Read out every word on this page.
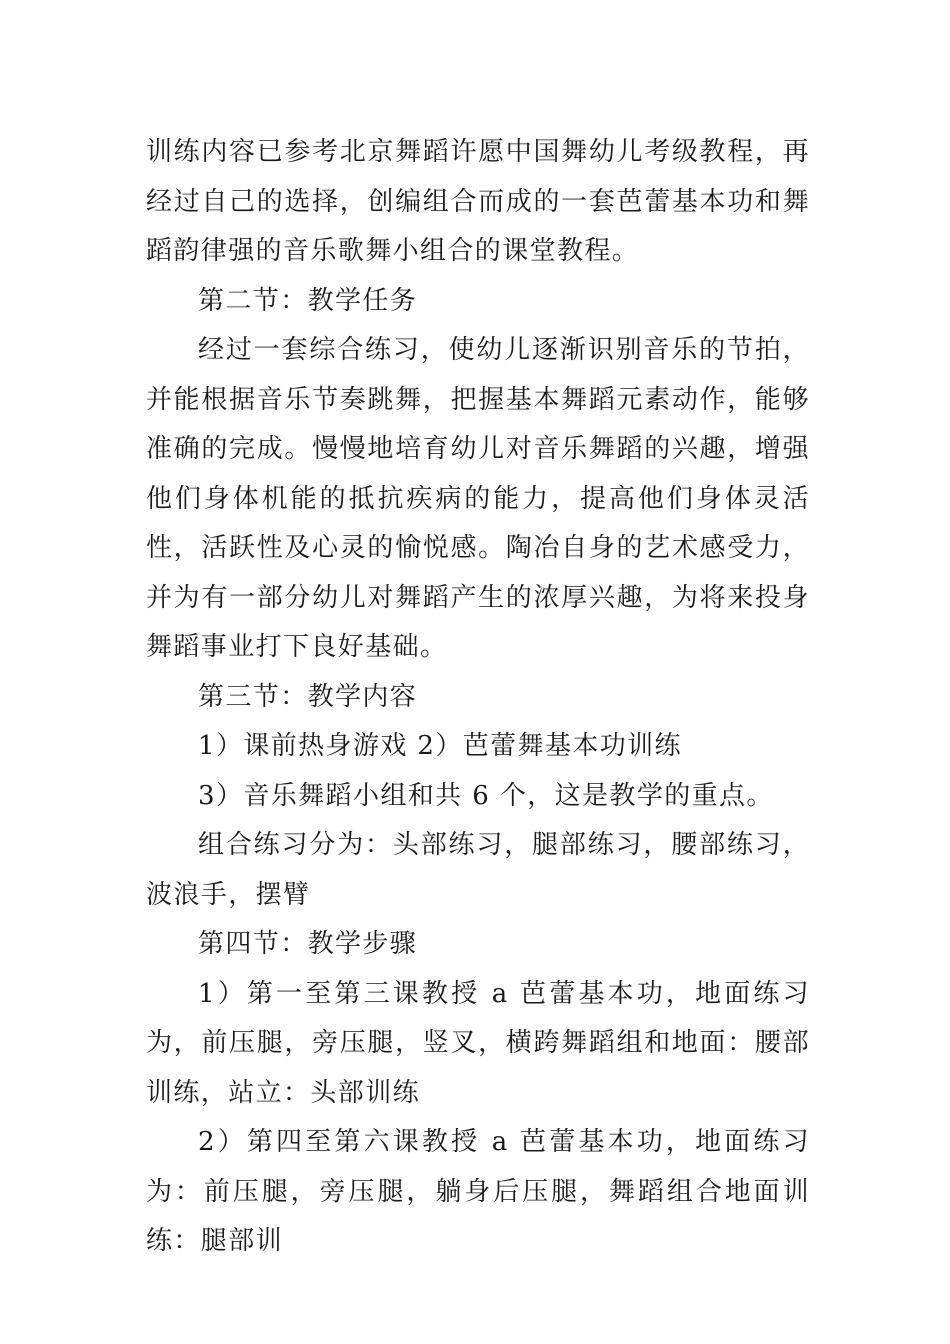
训练内容已参考北京舞蹈许愿中国舞幼儿考级教程，再经过自己的选择，创编组合而成的一套芭蕾基本功和舞蹈韵律强的音乐歌舞小组合的课堂教程。

第二节：教学任务

经过一套综合练习，使幼儿逐渐识别音乐的节拍，并能根据音乐节奏跳舞，把握基本舞蹈元素动作，能够准确的完成。慢慢地培育幼儿对音乐舞蹈的兴趣，增强他们身体机能的抵抗疾病的能力，提高他们身体灵活性，活跃性及心灵的愉悦感。陶冶自身的艺术感受力，并为有一部分幼儿对舞蹈产生的浓厚兴趣，为将来投身舞蹈事业打下良好基础。

第三节：教学内容

1）课前热身游戏 2）芭蕾舞基本功训练

3）音乐舞蹈小组和共 6 个，这是教学的重点。

组合练习分为：头部练习，腿部练习，腰部练习，波浪手，摆臂

第四节：教学步骤

1）第一至第三课教授 a 芭蕾基本功，地面练习为，前压腿，旁压腿，竖叉，横跨舞蹈组和地面：腰部训练，站立：头部训练

2）第四至第六课教授 a 芭蕾基本功，地面练习为：前压腿，旁压腿，躺身后压腿，舞蹈组合地面训练：腿部训
